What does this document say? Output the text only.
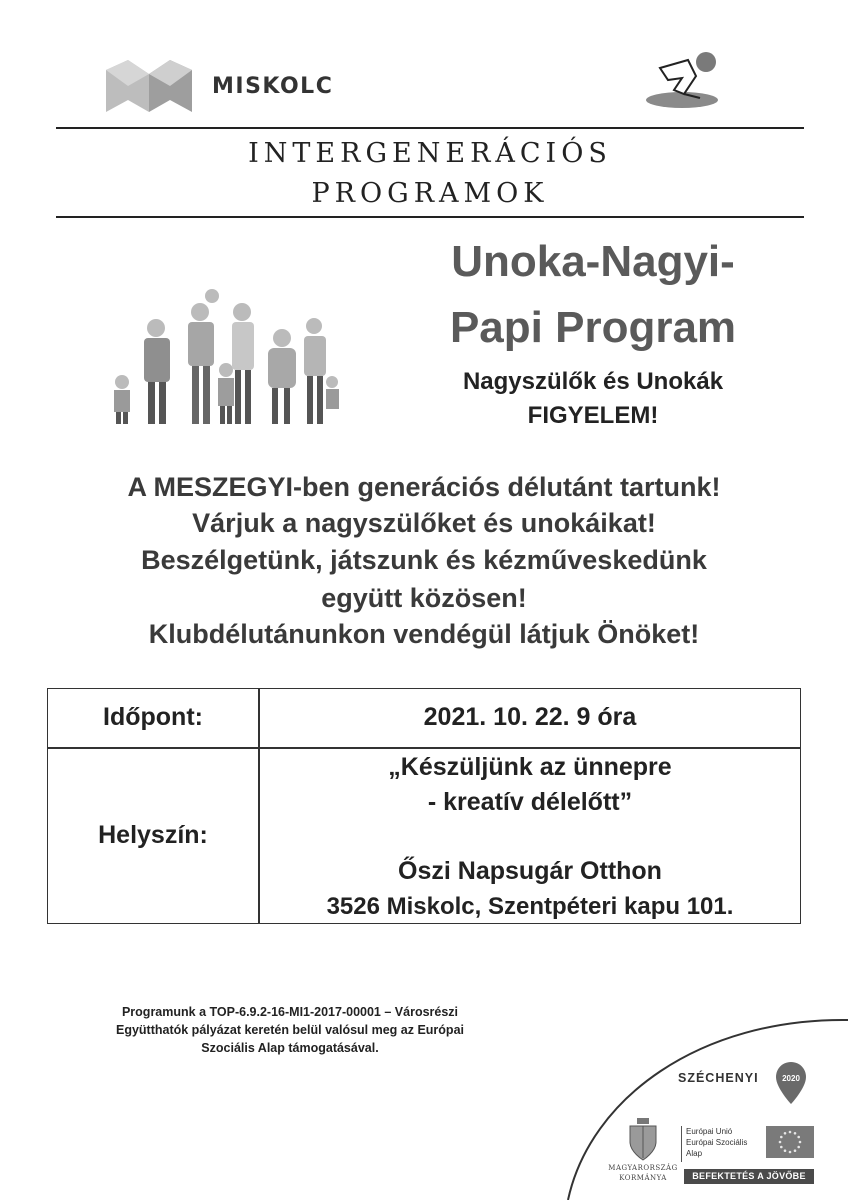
MISKOLC
INTERGENERÁCIÓS
PROGRAMOK
Unoka-Nagyi-
Papi Program
Nagyszülők és Unokák
FIGYELEM!
A MESZEGYI-ben generációs délutánt tartunk!
Várjuk a nagyszülőket és unokáikat!
Beszélgetünk, játszunk és kézműveskedünk
együtt közösen!
Klubdélutánunkon vendégül látjuk Önöket!
Időpont:	2021. 10. 22. 9 óra
Helyszín:
„Készüljünk az ünnepre
- kreatív délelőtt”
Őszi Napsugár Otthon
3526 Miskolc, Szentpéteri kapu 101.
Programunk a TOP-6.9.2-16-MI1-2017-00001 – Városrészi
Együtthatók pályázat keretén belül valósul meg az Európai
Szociális Alap támogatásával.
SZÉCHENYI	2020
MAGYARORSZÁG
KORMÁNYA
Európai Unió
Európai Szociális
Alap
BEFEKTETÉS A JÖVŐBE
